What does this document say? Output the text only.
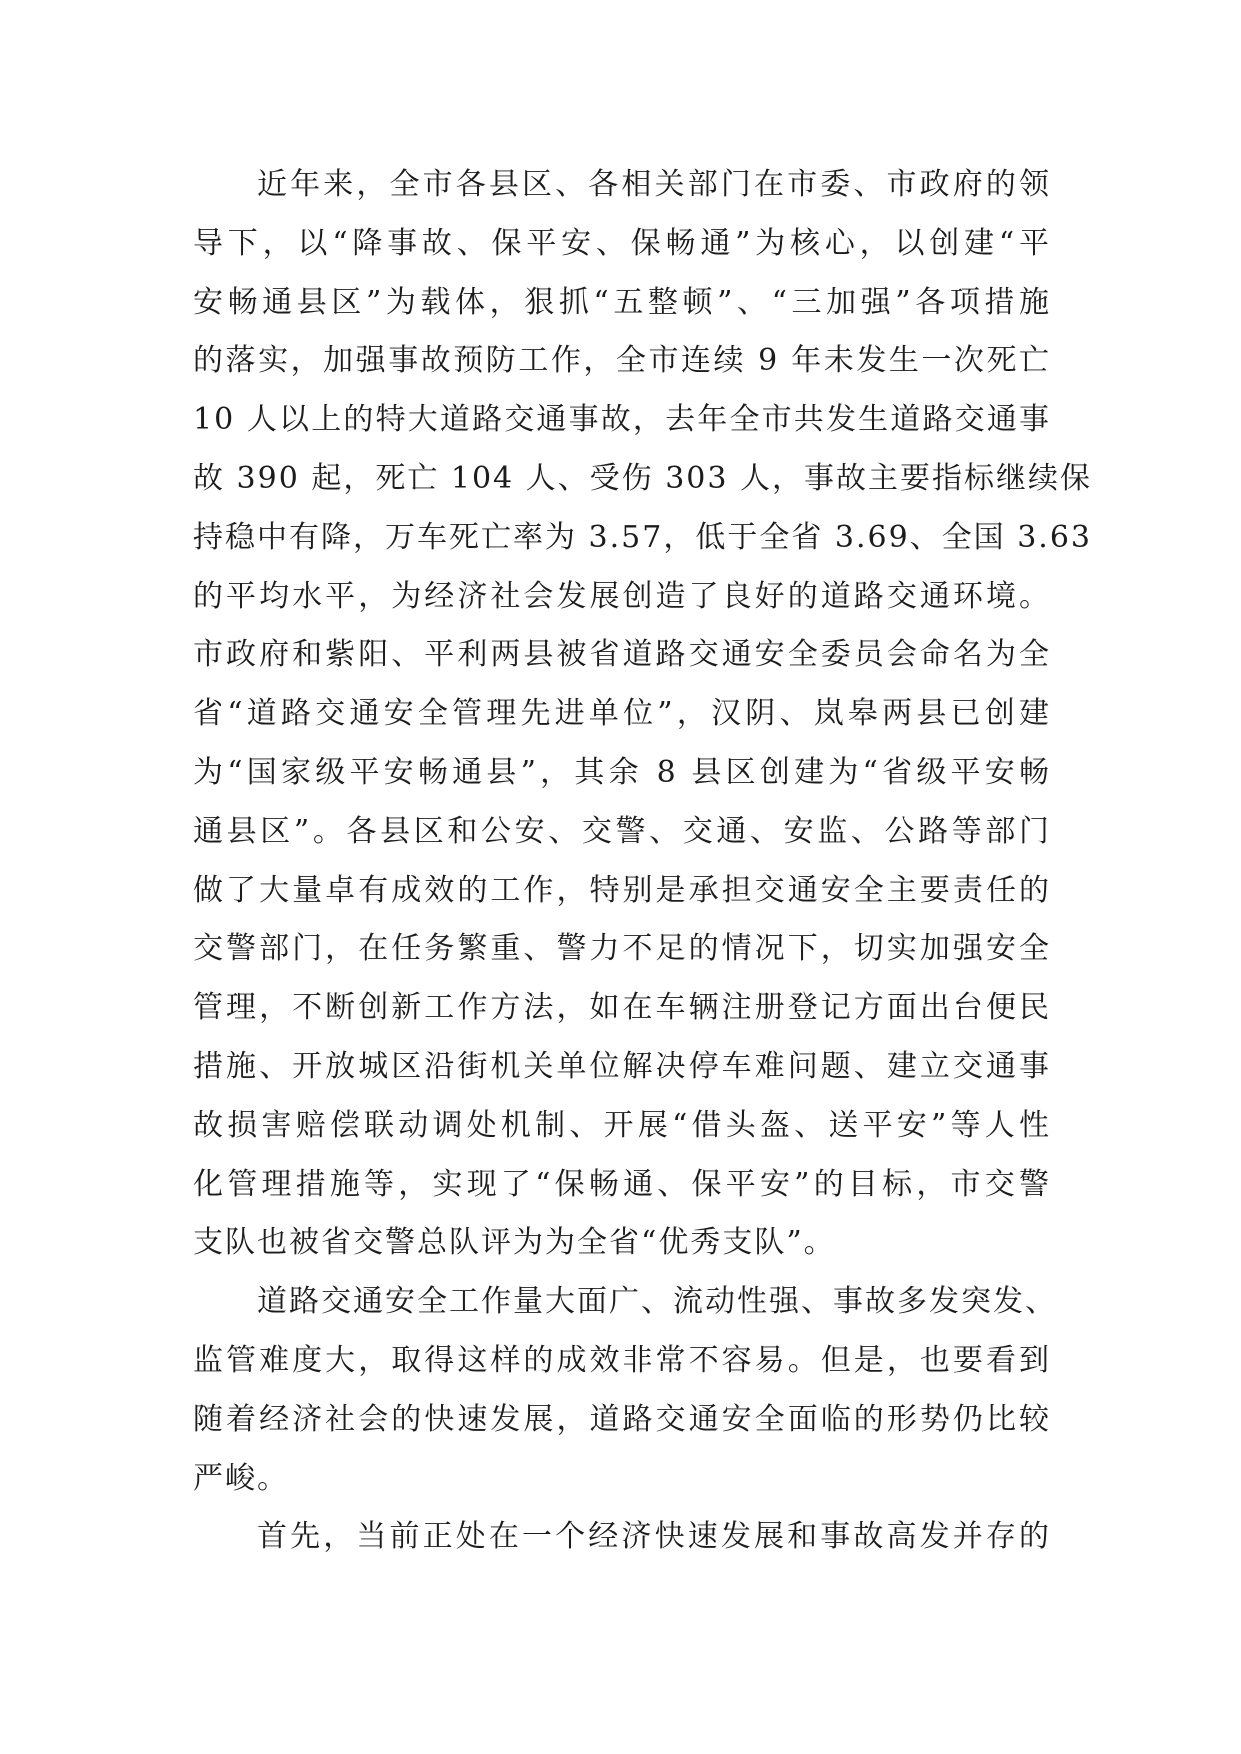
近年来，全市各县区、各相关部门在市委、市政府的领
导下，以“降事故、保平安、保畅通”为核心，以创建“平
安畅通县区”为载体，狠抓“五整顿”、“三加强”各项措施
的落实，加强事故预防工作，全市连续 9 年未发生一次死亡
10 人以上的特大道路交通事故，去年全市共发生道路交通事
故 390 起，死亡 104 人、受伤 303 人，事故主要指标继续保
持稳中有降，万车死亡率为 3.57，低于全省 3.69、全国 3.63
的平均水平，为经济社会发展创造了良好的道路交通环境。
市政府和紫阳、平利两县被省道路交通安全委员会命名为全
省“道路交通安全管理先进单位”，汉阴、岚皋两县已创建
为“国家级平安畅通县”，其余 8 县区创建为“省级平安畅
通县区”。各县区和公安、交警、交通、安监、公路等部门
做了大量卓有成效的工作，特别是承担交通安全主要责任的
交警部门，在任务繁重、警力不足的情况下，切实加强安全
管理，不断创新工作方法，如在车辆注册登记方面出台便民
措施、开放城区沿街机关单位解决停车难问题、建立交通事
故损害赔偿联动调处机制、开展“借头盔、送平安”等人性
化管理措施等，实现了“保畅通、保平安”的目标，市交警
支队也被省交警总队评为为全省“优秀支队”。
道路交通安全工作量大面广、流动性强、事故多发突发、
监管难度大，取得这样的成效非常不容易。但是，也要看到
随着经济社会的快速发展，道路交通安全面临的形势仍比较
严峻。
首先，当前正处在一个经济快速发展和事故高发并存的
